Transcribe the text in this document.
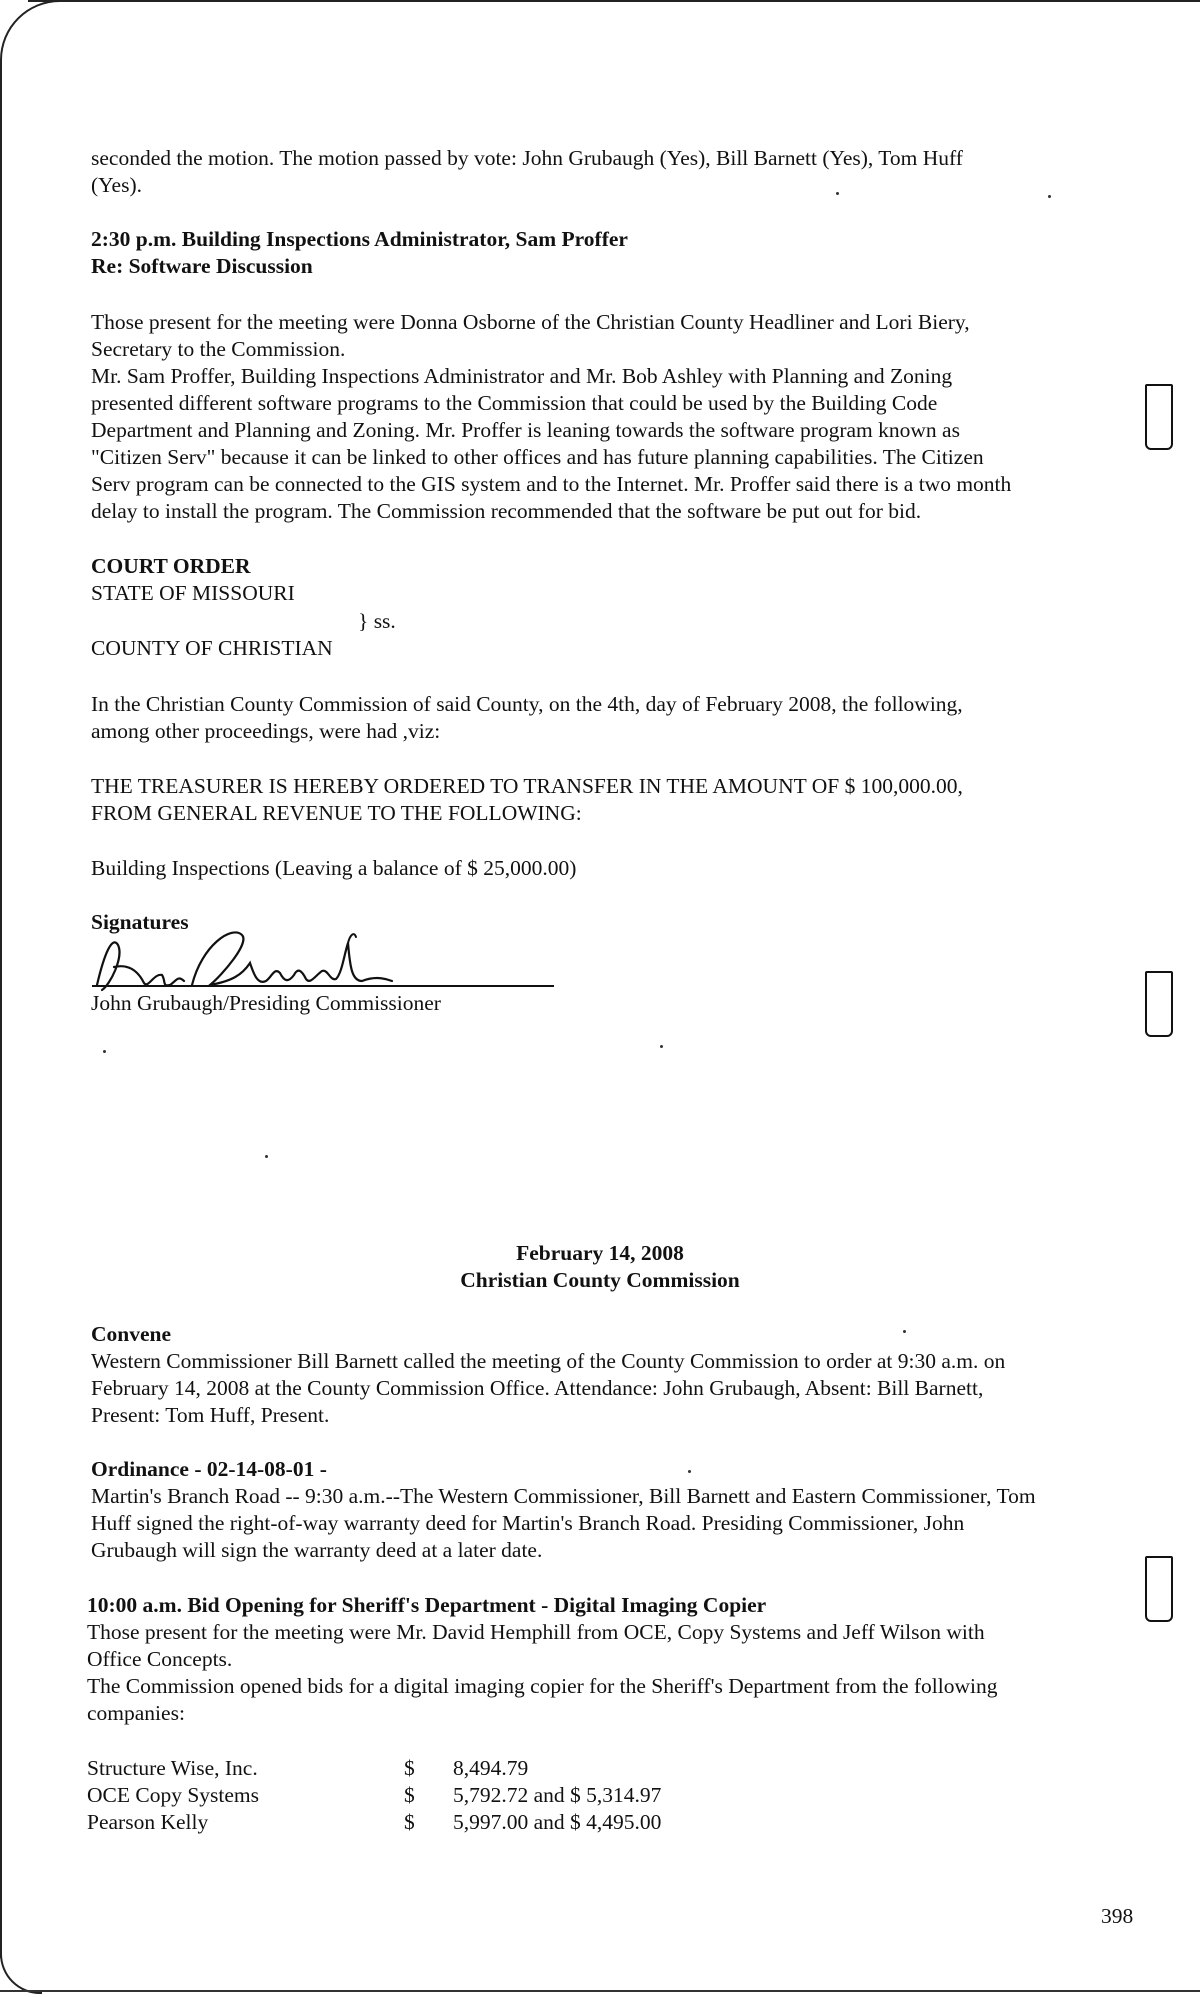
seconded the motion. The motion passed by vote: John Grubaugh (Yes), Bill Barnett (Yes), Tom Huff
(Yes).
2:30 p.m. Building Inspections Administrator, Sam Proffer
Re: Software Discussion
Those present for the meeting were Donna Osborne of the Christian County Headliner and Lori Biery,
Secretary to the Commission.
Mr. Sam Proffer, Building Inspections Administrator and Mr. Bob Ashley with Planning and Zoning
presented different software programs to the Commission that could be used by the Building Code
Department and Planning and Zoning. Mr. Proffer is leaning towards the software program known as
"Citizen Serv" because it can be linked to other offices and has future planning capabilities. The Citizen
Serv program can be connected to the GIS system and to the Internet. Mr. Proffer said there is a two month
delay to install the program. The Commission recommended that the software be put out for bid.
COURT ORDER
STATE OF MISSOURI
} ss.
COUNTY OF CHRISTIAN
In the Christian County Commission of said County, on the 4th, day of February 2008, the following,
among other proceedings, were had ,viz:
THE TREASURER IS HEREBY ORDERED TO TRANSFER IN THE AMOUNT OF $ 100,000.00,
FROM GENERAL REVENUE TO THE FOLLOWING:
Building Inspections (Leaving a balance of $ 25,000.00)
Signatures
John Grubaugh/Presiding Commissioner
February 14, 2008
Christian County Commission
Convene
Western Commissioner Bill Barnett called the meeting of the County Commission to order at 9:30 a.m. on
February 14, 2008 at the County Commission Office. Attendance: John Grubaugh, Absent: Bill Barnett,
Present: Tom Huff, Present.
Ordinance - 02-14-08-01 -
Martin's Branch Road -- 9:30 a.m.--The Western Commissioner, Bill Barnett and Eastern Commissioner, Tom
Huff signed the right-of-way warranty deed for Martin's Branch Road. Presiding Commissioner, John
Grubaugh will sign the warranty deed at a later date.
10:00 a.m. Bid Opening for Sheriff's Department - Digital Imaging Copier
Those present for the meeting were Mr. David Hemphill from OCE, Copy Systems and Jeff Wilson with
Office Concepts.
The Commission opened bids for a digital imaging copier for the Sheriff's Department from the following
companies:
Structure Wise, Inc.	$	8,494.79
OCE Copy Systems	$	5,792.72 and $ 5,314.97
Pearson Kelly	$	5,997.00 and $ 4,495.00
398
